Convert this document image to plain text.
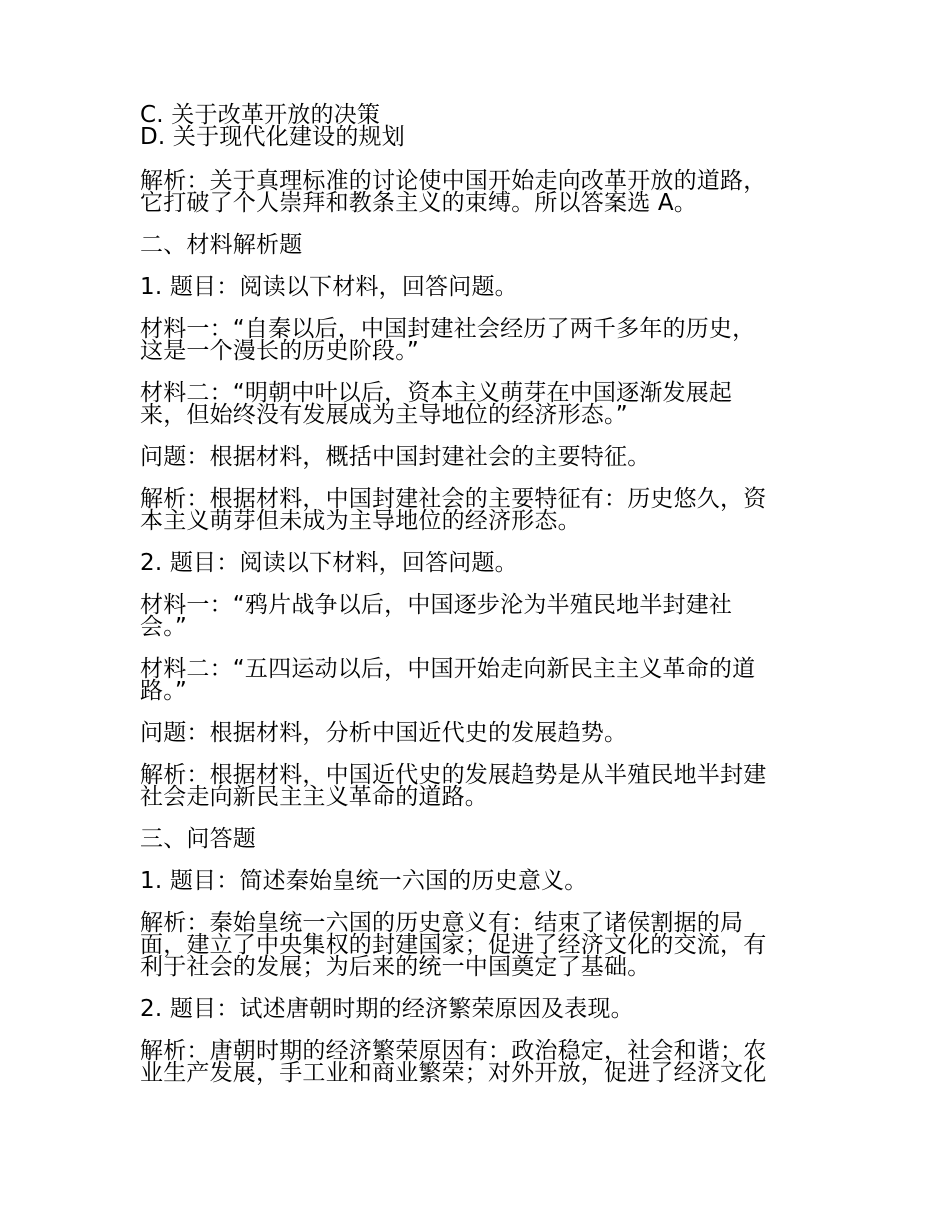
C. 关于改革开放的决策
D. 关于现代化建设的规划
解析：关于真理标准的讨论使中国开始走向改革开放的道路，
它打破了个人崇拜和教条主义的束缚。所以答案选 A。
二、材料解析题
1. 题目：阅读以下材料，回答问题。
材料一：“自秦以后，中国封建社会经历了两千多年的历史，
这是一个漫长的历史阶段。”
材料二：“明朝中叶以后，资本主义萌芽在中国逐渐发展起
来，但始终没有发展成为主导地位的经济形态。”
问题：根据材料，概括中国封建社会的主要特征。
解析：根据材料，中国封建社会的主要特征有：历史悠久，资
本主义萌芽但未成为主导地位的经济形态。
2. 题目：阅读以下材料，回答问题。
材料一：“鸦片战争以后，中国逐步沦为半殖民地半封建社
会。”
材料二：“五四运动以后，中国开始走向新民主主义革命的道
路。”
问题：根据材料，分析中国近代史的发展趋势。
解析：根据材料，中国近代史的发展趋势是从半殖民地半封建
社会走向新民主主义革命的道路。
三、问答题
1. 题目：简述秦始皇统一六国的历史意义。
解析：秦始皇统一六国的历史意义有：结束了诸侯割据的局
面，建立了中央集权的封建国家；促进了经济文化的交流，有
利于社会的发展；为后来的统一中国奠定了基础。
2. 题目：试述唐朝时期的经济繁荣原因及表现。
解析：唐朝时期的经济繁荣原因有：政治稳定，社会和谐；农
业生产发展，手工业和商业繁荣；对外开放，促进了经济文化
